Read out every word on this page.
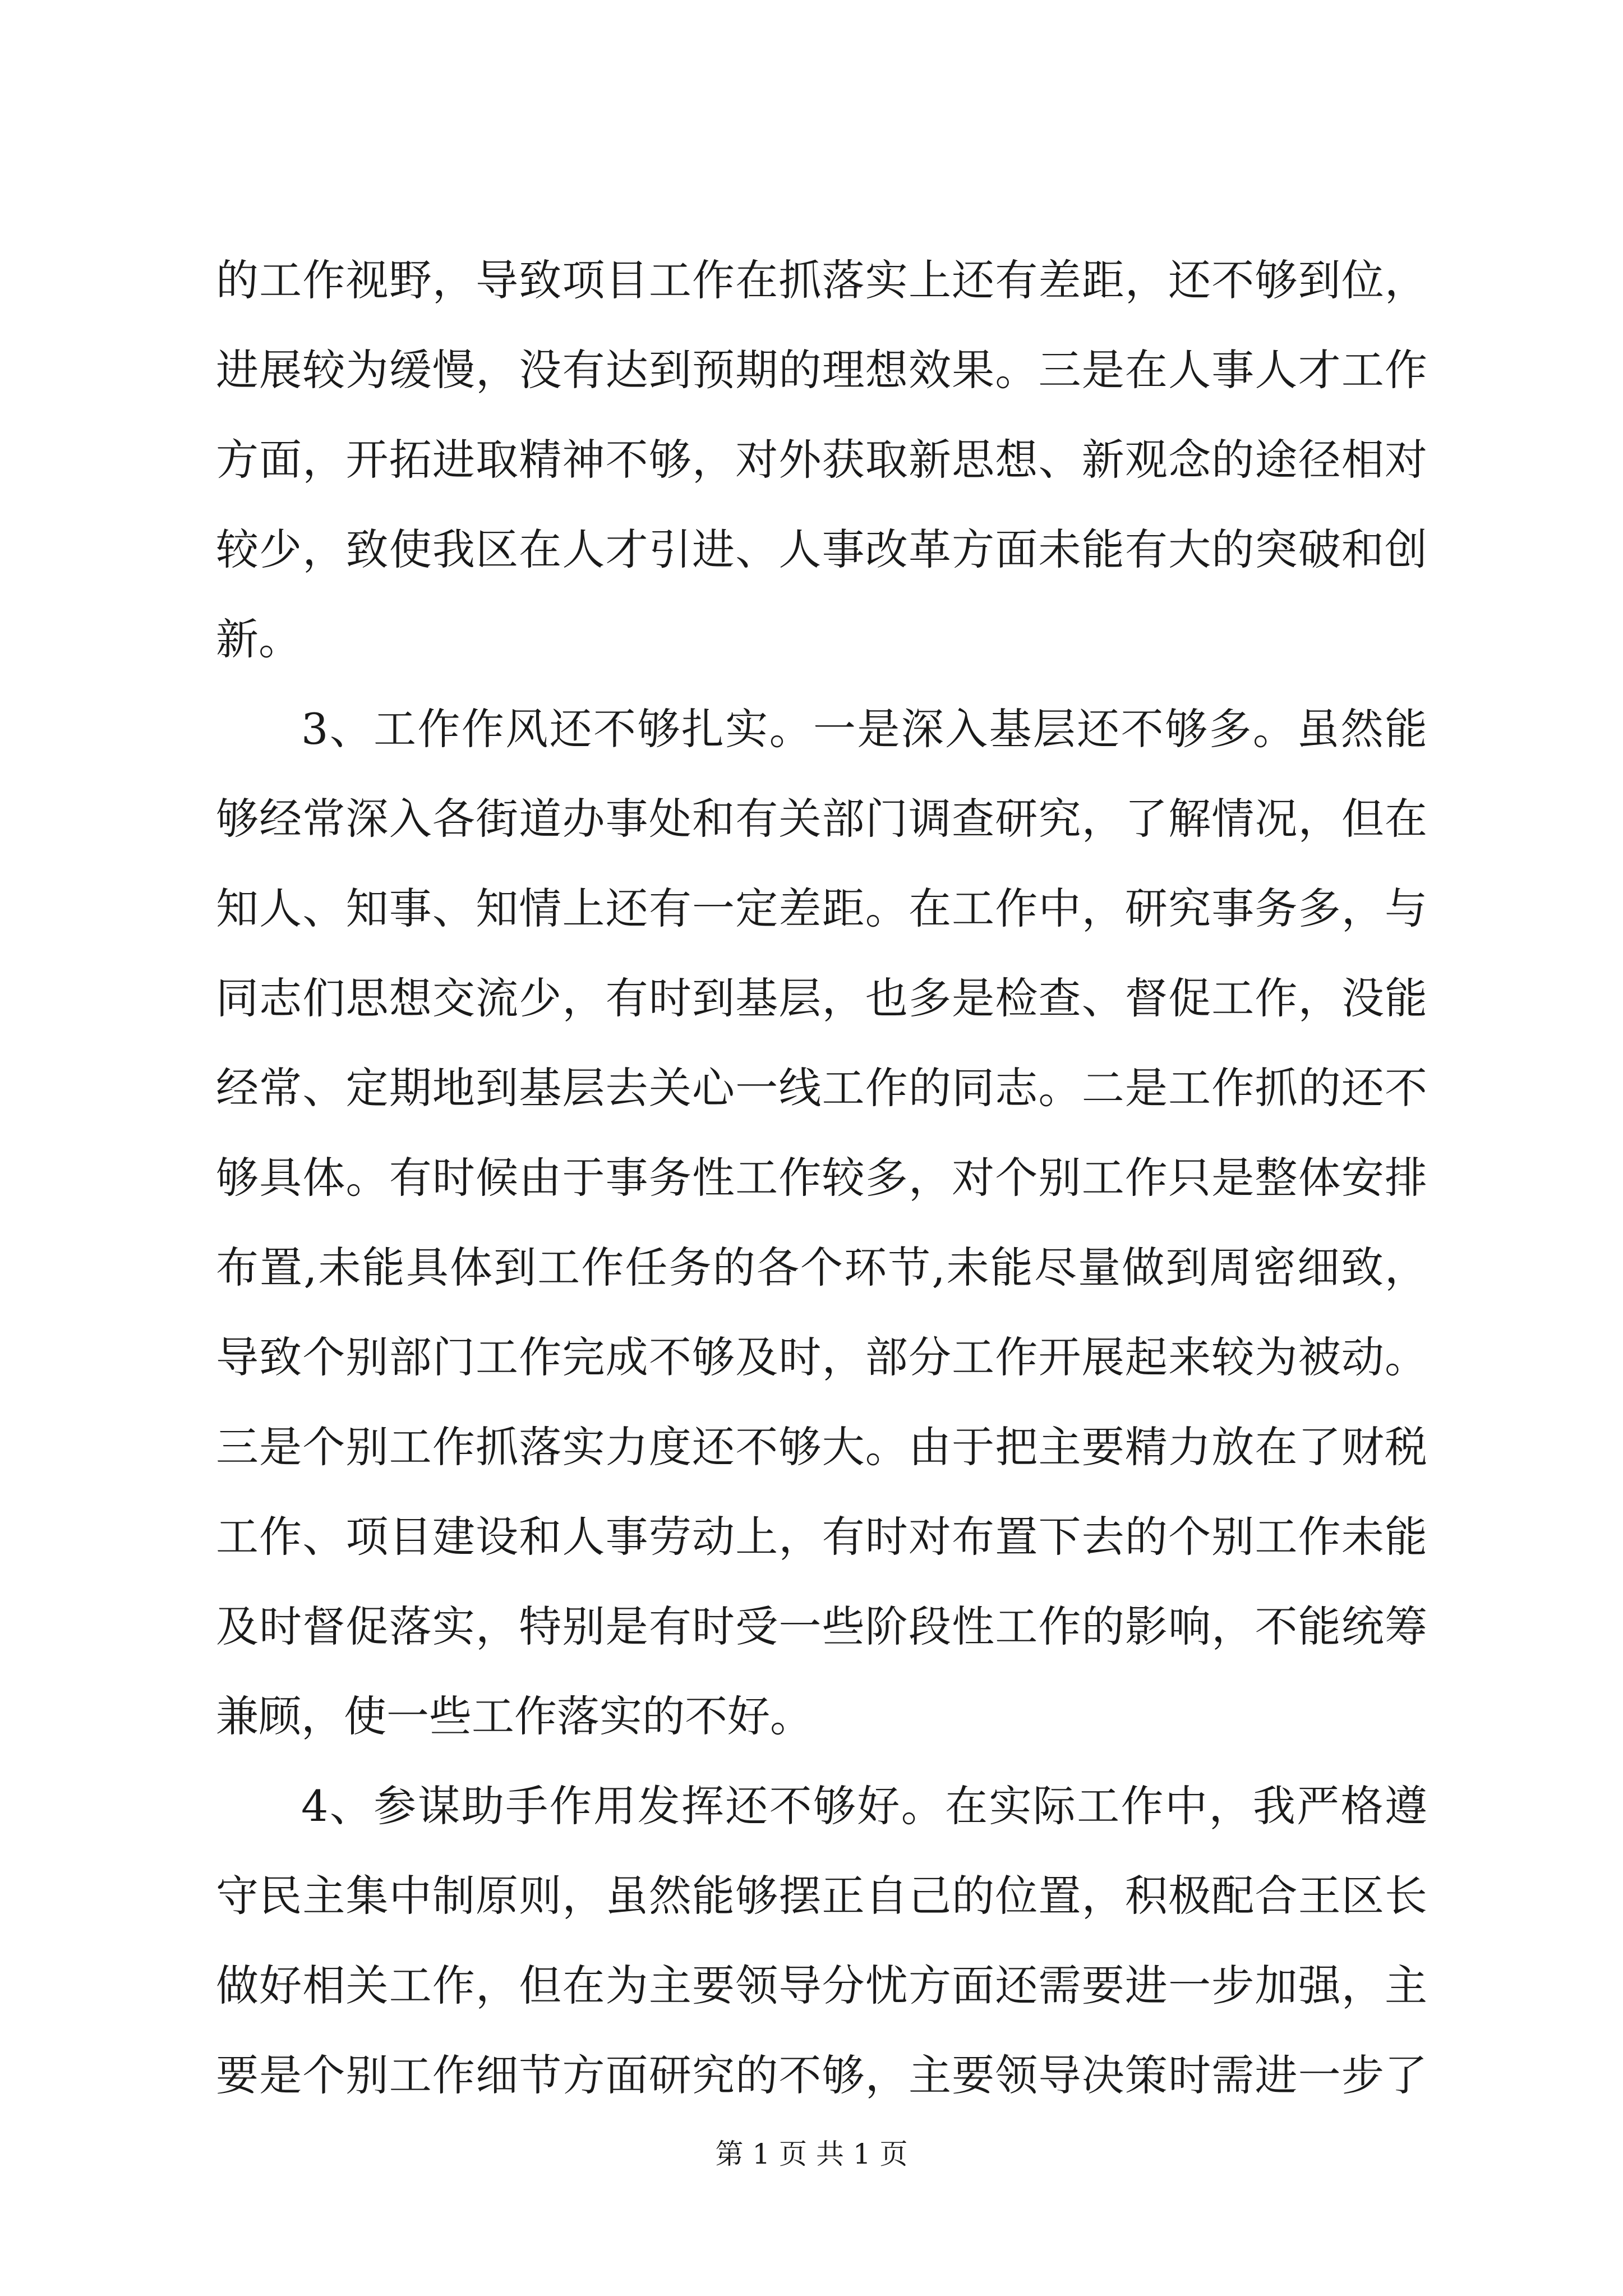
的工作视野，导致项目工作在抓落实上还有差距，还不够到位，
进展较为缓慢，没有达到预期的理想效果。三是在人事人才工作
方面，开拓进取精神不够，对外获取新思想、新观念的途径相对
较少，致使我区在人才引进、人事改革方面未能有大的突破和创
新。
3、工作作风还不够扎实。一是深入基层还不够多。虽然能
够经常深入各街道办事处和有关部门调查研究，了解情况，但在
知人、知事、知情上还有一定差距。在工作中，研究事务多，与
同志们思想交流少，有时到基层，也多是检查、督促工作，没能
经常、定期地到基层去关心一线工作的同志。二是工作抓的还不
够具体。有时候由于事务性工作较多，对个别工作只是整体安排
布置,未能具体到工作任务的各个环节,未能尽量做到周密细致，
导致个别部门工作完成不够及时，部分工作开展起来较为被动。
三是个别工作抓落实力度还不够大。由于把主要精力放在了财税
工作、项目建设和人事劳动上，有时对布置下去的个别工作未能
及时督促落实，特别是有时受一些阶段性工作的影响，不能统筹
兼顾，使一些工作落实的不好。
4、参谋助手作用发挥还不够好。在实际工作中，我严格遵
守民主集中制原则，虽然能够摆正自己的位置，积极配合王区长
做好相关工作，但在为主要领导分忧方面还需要进一步加强，主
要是个别工作细节方面研究的不够，主要领导决策时需进一步了
第 1 页 共 1 页
